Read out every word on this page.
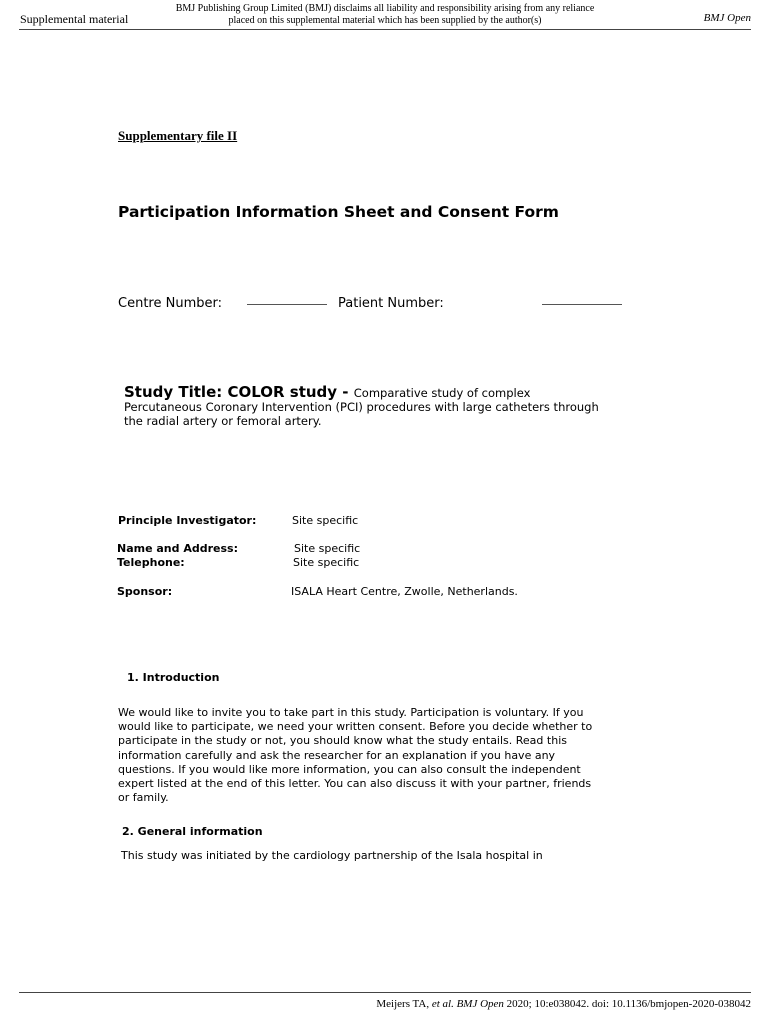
Supplemental material
BMJ Publishing Group Limited (BMJ) disclaims all liability and responsibility arising from any reliance
placed on this supplemental material which has been supplied by the author(s)	BMJ Open
Supplementary file II
Participation Information Sheet and Consent Form
Centre Number:	Patient Number:
Study Title: COLOR study - Comparative study of complex
Percutaneous Coronary Intervention (PCI) procedures with large catheters through
the radial artery or femoral artery.
Principle Investigator:	Site specific
Name and Address:	Site specific
Telephone:	Site specific
Sponsor:	ISALA Heart Centre, Zwolle, Netherlands.
1. Introduction
We would like to invite you to take part in this study. Participation is voluntary. If you
would like to participate, we need your written consent. Before you decide whether to
participate in the study or not, you should know what the study entails. Read this
information carefully and ask the researcher for an explanation if you have any
questions. If you would like more information, you can also consult the independent
expert listed at the end of this letter. You can also discuss it with your partner, friends
or family.
2. General information
This study was initiated by the cardiology partnership of the Isala hospital in
Meijers TA, et al. BMJ Open 2020; 10:e038042. doi: 10.1136/bmjopen-2020-038042
